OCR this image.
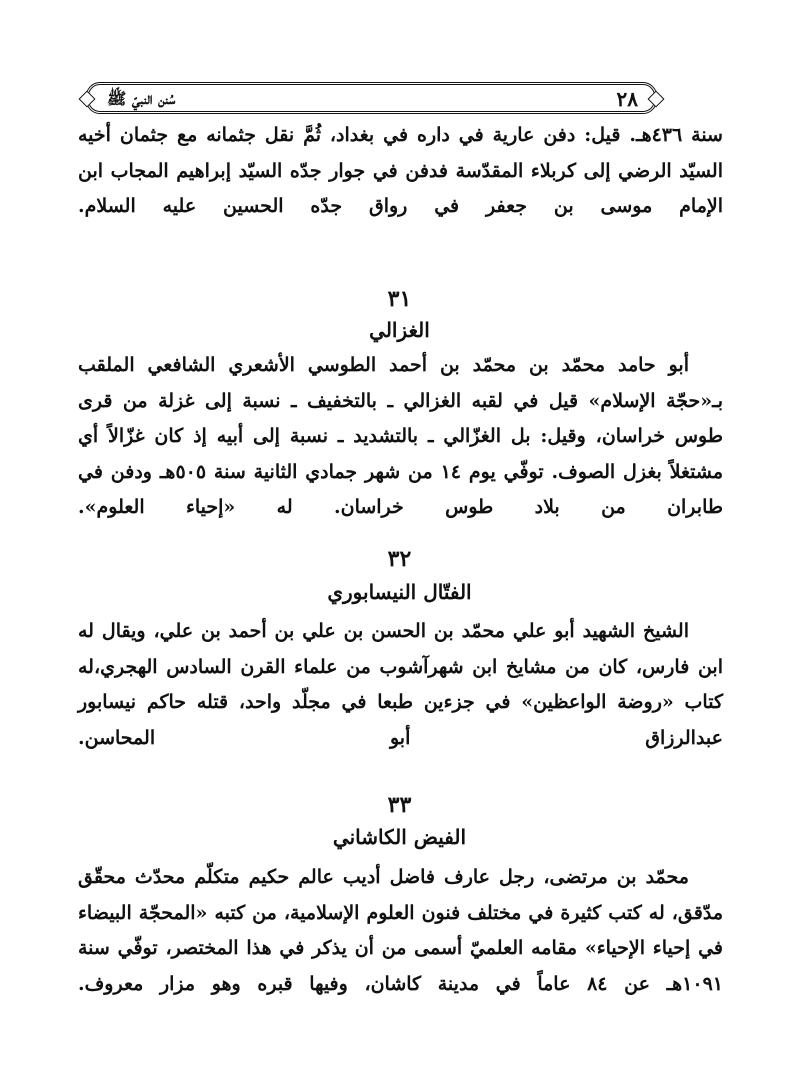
٢٨
سُنن النبيّ ﷺ

سنة ٤٣٦هـ. قيل: دفن عارية في داره في بغداد، ثُمَّ نقل جثمانه مع جثمان أخيه السيّد الرضي إلى كربلاء المقدّسة فدفن في جوار جدّه السيّد إبراهيم المجاب ابن الإمام موسى بن جعفر في رواق جدّه الحسين عليه السلام.

٣١
الغزالي

أبو حامد محمّد بن محمّد بن أحمد الطوسي الأشعري الشافعي الملقب بـ«حجّة الإسلام» قيل في لقبه الغزالي ـ بالتخفيف ـ نسبة إلى غزلة من قرى طوس خراسان، وقيل: بل الغزّالي ـ بالتشديد ـ نسبة إلى أبيه إذ كان غزّالاً أي مشتغلاً بغزل الصوف. توفّي يوم ١٤ من شهر جمادي الثانية سنة ٥٠٥هـ ودفن في طابران من بلاد طوس خراسان. له «إحياء العلوم».

٣٢
الفتّال النيسابوري

الشيخ الشهيد أبو علي محمّد بن الحسن بن علي بن أحمد بن علي، ويقال له ابن فارس، كان من مشايخ ابن شهرآشوب من علماء القرن السادس الهجري،له كتاب «روضة الواعظين» في جزءين طبعا في مجلّد واحد، قتله حاكم نيسابور عبدالرزاق أبو المحاسن.

٣٣
الفيض الكاشاني

محمّد بن مرتضى، رجل عارف فاضل أديب عالم حكيم متكلّم محدّث محقّق مدّقق، له كتب كثيرة في مختلف فنون العلوم الإسلامية، من كتبه «المحجّة البيضاء في إحياء الإحياء» مقامه العلميّ أسمى من أن يذكر في هذا المختصر، توفّي سنة ١٠٩١هـ عن ٨٤ عاماً في مدينة كاشان، وفيها قبره وهو مزار معروف.
